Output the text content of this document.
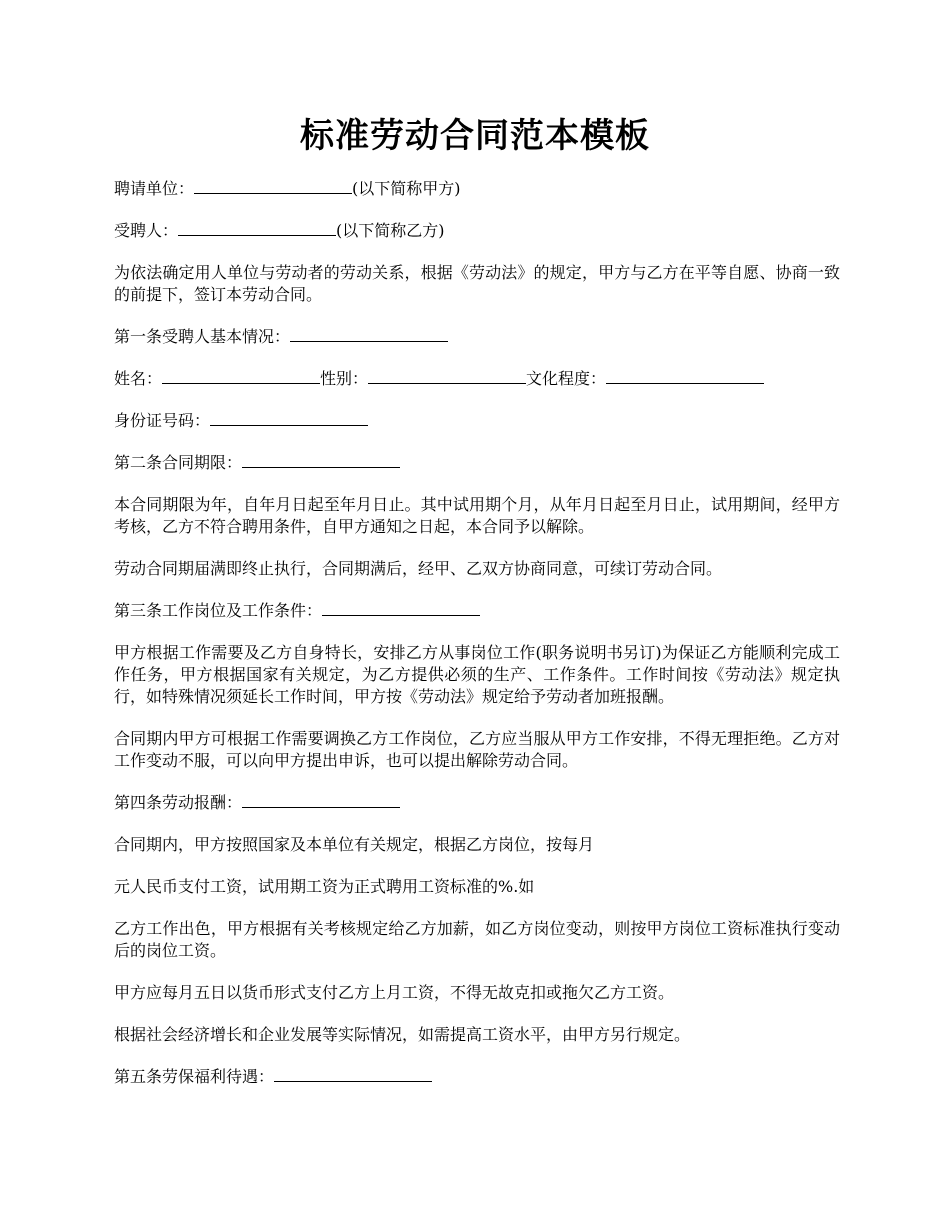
标准劳动合同范本模板

聘请单位：	(以下简称甲方)

受聘人：	(以下简称乙方)

为依法确定用人单位与劳动者的劳动关系，根据《劳动法》的规定，甲方与乙方在平等自愿、协商一致的前提下，签订本劳动合同。

第一条受聘人基本情况：

姓名：	性别：	文化程度：

身份证号码：

第二条合同期限：

本合同期限为年，自年月日起至年月日止。其中试用期个月，从年月日起至月日止，试用期间，经甲方考核，乙方不符合聘用条件，自甲方通知之日起，本合同予以解除。

劳动合同期届满即终止执行，合同期满后，经甲、乙双方协商同意，可续订劳动合同。

第三条工作岗位及工作条件：

甲方根据工作需要及乙方自身特长，安排乙方从事岗位工作(职务说明书另订)为保证乙方能顺利完成工作任务，甲方根据国家有关规定，为乙方提供必须的生产、工作条件。工作时间按《劳动法》规定执行，如特殊情况须延长工作时间，甲方按《劳动法》规定给予劳动者加班报酬。

合同期内甲方可根据工作需要调换乙方工作岗位，乙方应当服从甲方工作安排，不得无理拒绝。乙方对工作变动不服，可以向甲方提出申诉，也可以提出解除劳动合同。

第四条劳动报酬：

合同期内，甲方按照国家及本单位有关规定，根据乙方岗位，按每月

元人民币支付工资，试用期工资为正式聘用工资标准的%.如

乙方工作出色，甲方根据有关考核规定给乙方加薪，如乙方岗位变动，则按甲方岗位工资标准执行变动后的岗位工资。

甲方应每月五日以货币形式支付乙方上月工资，不得无故克扣或拖欠乙方工资。

根据社会经济增长和企业发展等实际情况，如需提高工资水平，由甲方另行规定。

第五条劳保福利待遇：
